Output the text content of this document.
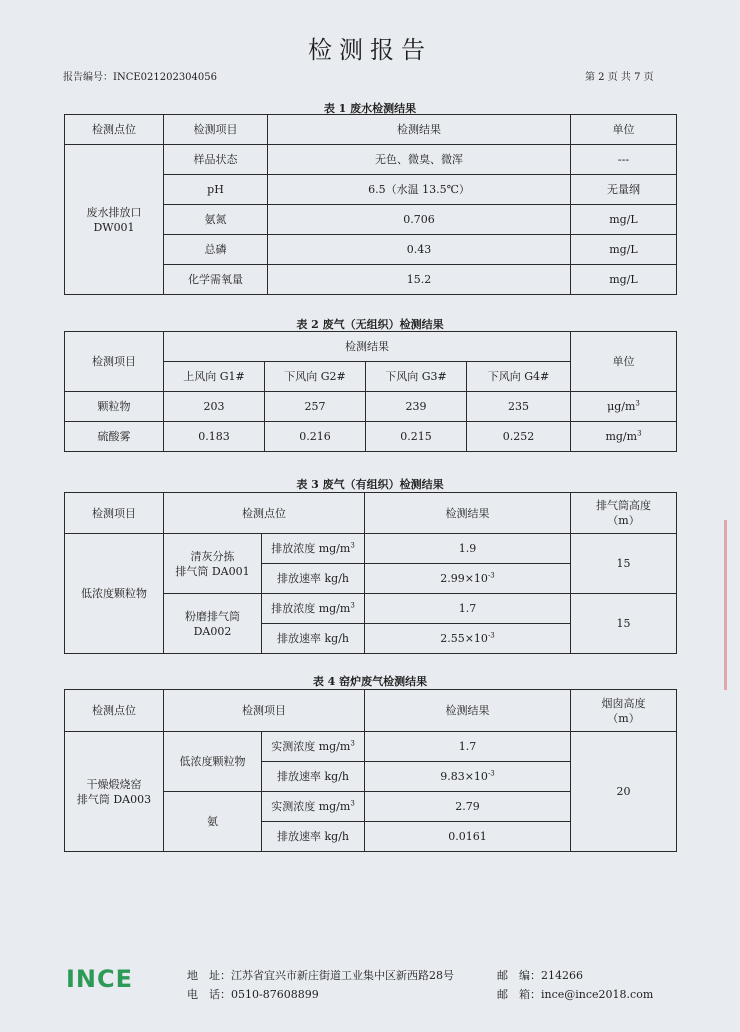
检测报告
报告编号：INCE021202304056	第 2 页 共 7 页
表 1 废水检测结果
检测点位	检测项目	检测结果	单位

废水排放口
DW001	样品状态	无色、微臭、微浑	---
	pH	6.5（水温 13.5℃）	无量纲
	氨氮	0.706	mg/L
	总磷	0.43	mg/L
	化学需氧量	15.2	mg/L
表 2 废气（无组织）检测结果
检测项目	检测结果				单位
	上风向 G1#	下风向 G2#	下风向 G3#	下风向 G4#	
颗粒物	203	257	239	235	$\mu g/m^3$
硫酸雾	0.183	0.216	0.215	0.252	$mg/m^3$
表 3 废气（有组织）检测结果
检测项目	检测点位		检测结果	排气筒高度
（m）

低浓度颗粒物	清灰分拣
排气筒 DA001	排放浓度 $mg/m^3$	1.9	15
		排放速率 kg/h	$2.99\times 10^{-3}$

	粉磨排气筒
DA002	排放浓度 $mg/m^3$	1.7	15
		排放速率 kg/h	$2.55\times 10^{-3}$
表 4 窑炉废气检测结果
检测点位	检测项目		检测结果	烟囱高度
（m）

干燥煅烧窑
排气筒 DA003	低浓度颗粒物	实测浓度 $mg/m^3$	1.7	20
		排放速率 kg/h	$9.83\times 10^{-3}$
	氨	实测浓度 $mg/m^3$	2.79	
		排放速率 kg/h	0.0161	
INCE	地　址：江苏省宜兴市新庄街道工业集中区新西路28号	邮　编：214266
电　话：0510-87608899	邮　箱：ince@ince2018.com
